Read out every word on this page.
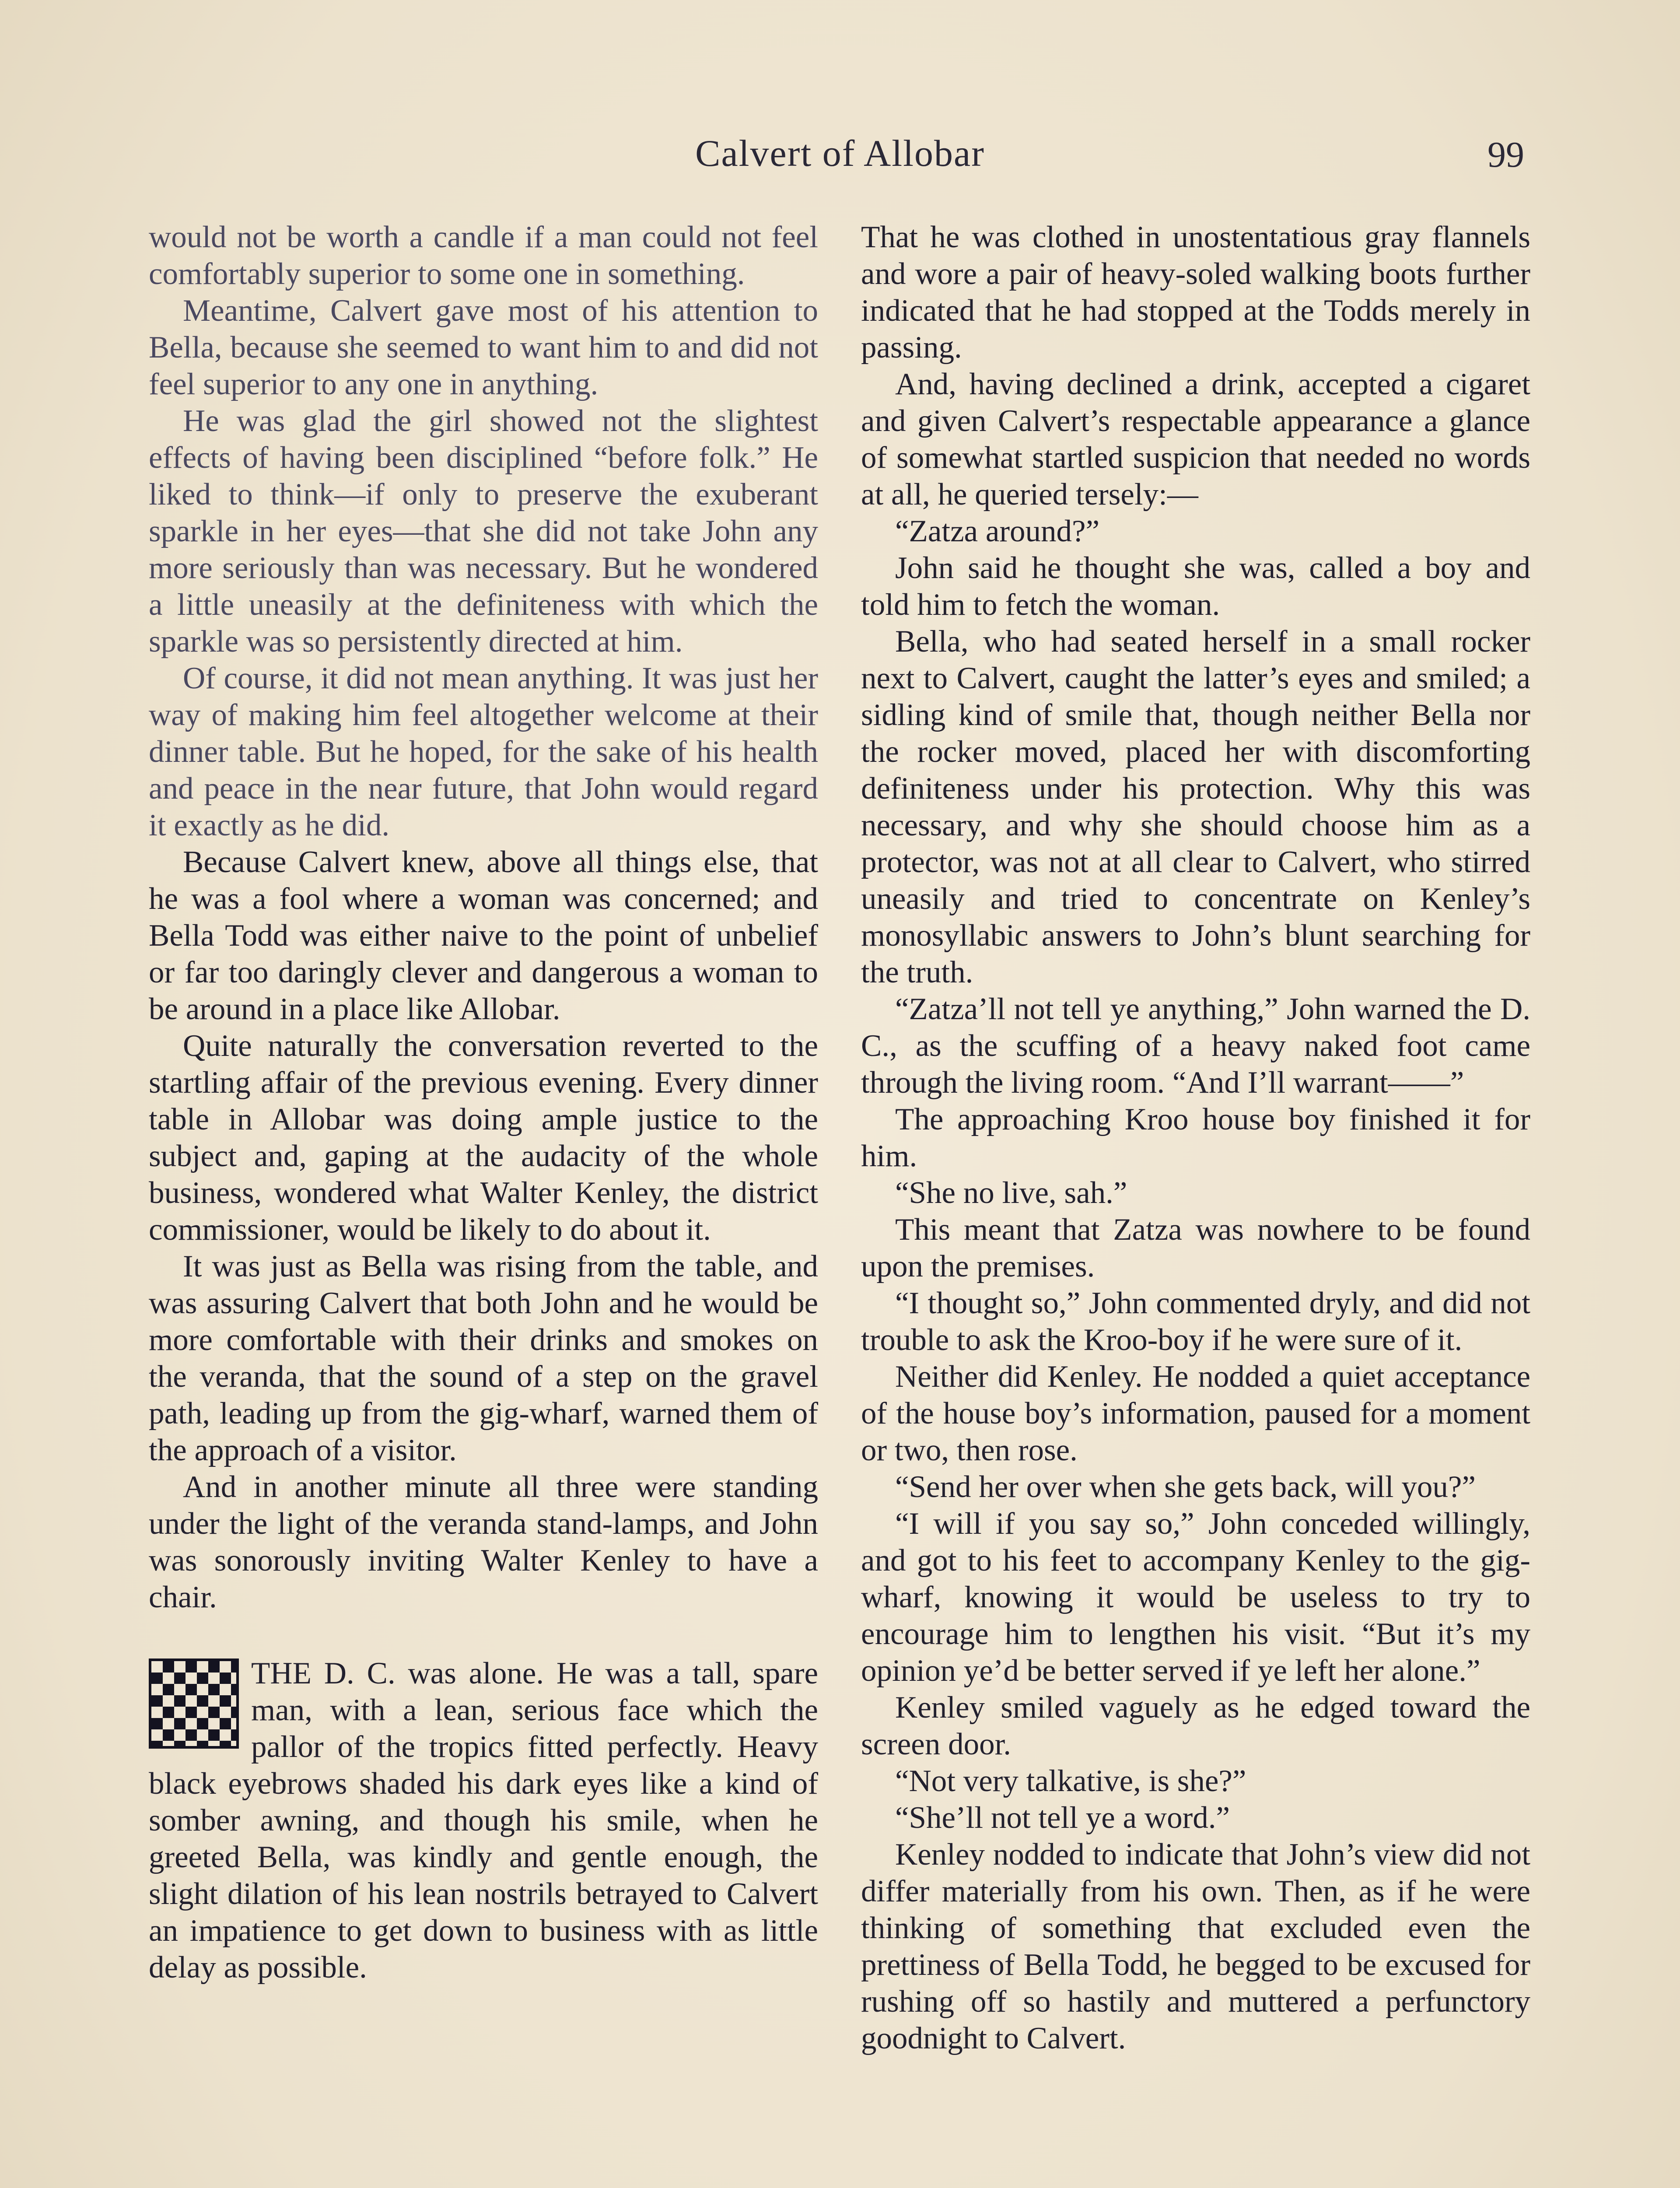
Calvert of Allobar	99

would not be worth a candle if a man could not feel comfortably superior to some one in something.

Meantime, Calvert gave most of his attention to Bella, because she seemed to want him to and did not feel superior to any one in anything.

He was glad the girl showed not the slightest effects of having been disciplined “before folk.” He liked to think—if only to preserve the exuberant sparkle in her eyes—that she did not take John any more seriously than was necessary. But he wondered a little uneasily at the definiteness with which the sparkle was so persistently directed at him.

Of course, it did not mean anything. It was just her way of making him feel altogether welcome at their dinner table. But he hoped, for the sake of his health and peace in the near future, that John would regard it exactly as he did.

Because Calvert knew, above all things else, that he was a fool where a woman was concerned; and Bella Todd was either naive to the point of unbelief or far too daringly clever and dangerous a woman to be around in a place like Allobar.

Quite naturally the conversation reverted to the startling affair of the previous evening. Every dinner table in Allobar was doing ample justice to the subject and, gaping at the audacity of the whole business, wondered what Walter Kenley, the district commissioner, would be likely to do about it.

It was just as Bella was rising from the table, and was assuring Calvert that both John and he would be more comfortable with their drinks and smokes on the veranda, that the sound of a step on the gravel path, leading up from the gig-wharf, warned them of the approach of a visitor.

And in another minute all three were standing under the light of the veranda stand-lamps, and John was sonorously inviting Walter Kenley to have a chair.

THE D. C. was alone. He was a tall, spare man, with a lean, serious face which the pallor of the tropics fitted perfectly. Heavy black eyebrows shaded his dark eyes like a kind of somber awning, and though his smile, when he greeted Bella, was kindly and gentle enough, the slight dilation of his lean nostrils betrayed to Calvert an impatience to get down to business with as little delay as possible.

That he was clothed in unostentatious gray flannels and wore a pair of heavy-soled walking boots further indicated that he had stopped at the Todds merely in passing.

And, having declined a drink, accepted a cigaret and given Calvert’s respectable appearance a glance of somewhat startled suspicion that needed no words at all, he queried tersely:—

“Zatza around?”

John said he thought she was, called a boy and told him to fetch the woman.

Bella, who had seated herself in a small rocker next to Calvert, caught the latter’s eyes and smiled; a sidling kind of smile that, though neither Bella nor the rocker moved, placed her with discomforting definiteness under his protection. Why this was necessary, and why she should choose him as a protector, was not at all clear to Calvert, who stirred uneasily and tried to concentrate on Kenley’s monosyllabic answers to John’s blunt searching for the truth.

“Zatza’ll not tell ye anything,” John warned the D. C., as the scuffing of a heavy naked foot came through the living room. “And I’ll warrant——”

The approaching Kroo house boy finished it for him.

“She no live, sah.”

This meant that Zatza was nowhere to be found upon the premises.

“I thought so,” John commented dryly, and did not trouble to ask the Kroo-boy if he were sure of it.

Neither did Kenley. He nodded a quiet acceptance of the house boy’s information, paused for a moment or two, then rose.

“Send her over when she gets back, will you?”

“I will if you say so,” John conceded willingly, and got to his feet to accompany Kenley to the gig-wharf, knowing it would be useless to try to encourage him to lengthen his visit. “But it’s my opinion ye’d be better served if ye left her alone.”

Kenley smiled vaguely as he edged toward the screen door.

“Not very talkative, is she?”

“She’ll not tell ye a word.”

Kenley nodded to indicate that John’s view did not differ materially from his own. Then, as if he were thinking of something that excluded even the prettiness of Bella Todd, he begged to be excused for rushing off so hastily and muttered a perfunctory goodnight to Calvert.
